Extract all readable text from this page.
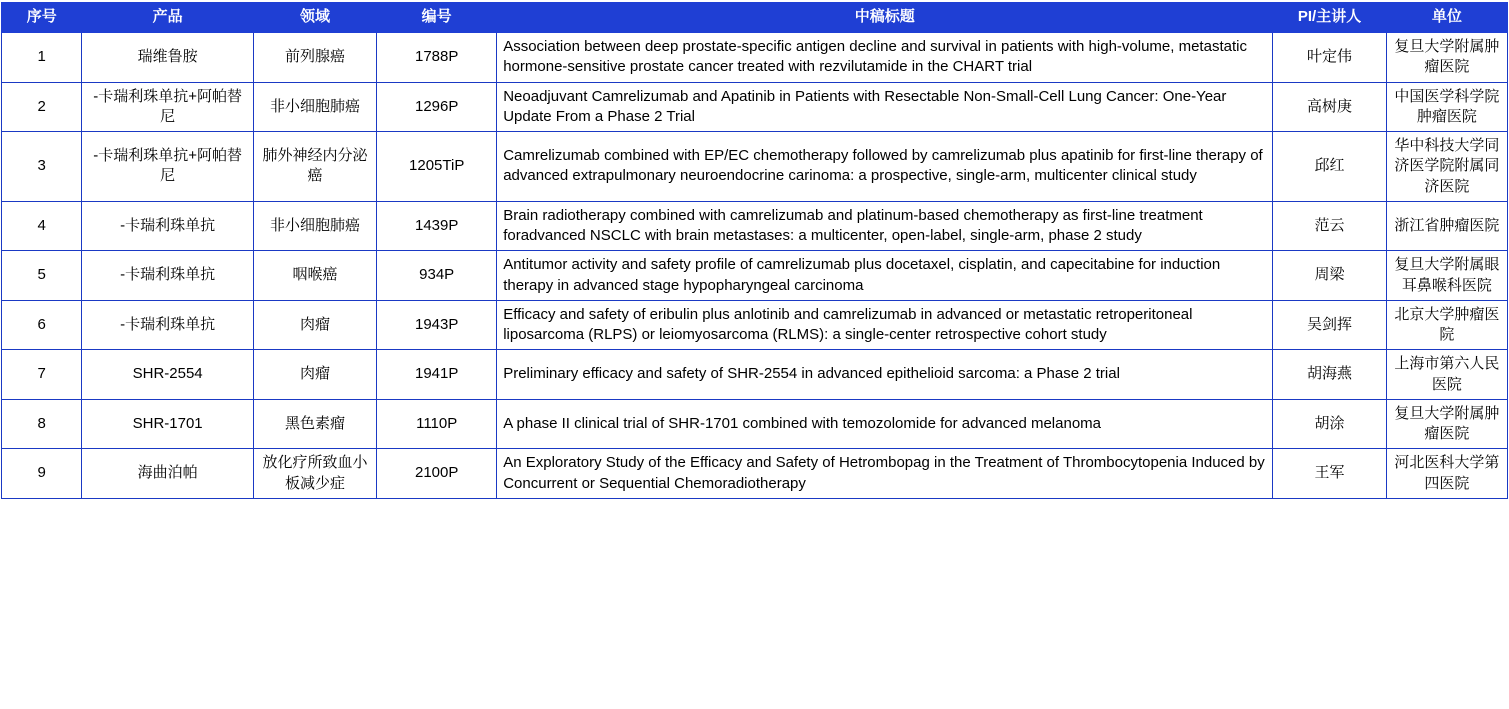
序号	产品	领域	编号	中稿标题	PI/主讲人	单位
1	瑞维鲁胺	前列腺癌	1788P	Association between deep prostate-specific antigen decline and survival in patients with high-volume, metastatic hormone-sensitive prostate cancer treated with rezvilutamide in the CHART trial	叶定伟	复旦大学附属肿瘤医院
2	-卡瑞利珠单抗+阿帕替尼	非小细胞肺癌	1296P	Neoadjuvant Camrelizumab and Apatinib in Patients with Resectable Non-Small-Cell Lung Cancer: One-Year Update From a Phase 2 Trial	高树庚	中国医学科学院肿瘤医院
3	-卡瑞利珠单抗+阿帕替尼	肺外神经内分泌癌	1205TiP	Camrelizumab combined with EP/EC chemotherapy followed by camrelizumab plus apatinib for first-line therapy of advanced extrapulmonary neuroendocrine carinoma: a prospective, single-arm, multicenter clinical study	邱红	华中科技大学同济医学院附属同济医院
4	-卡瑞利珠单抗	非小细胞肺癌	1439P	Brain radiotherapy combined with camrelizumab and platinum-based chemotherapy as first-line treatment foradvanced NSCLC with brain metastases: a multicenter, open-label, single-arm, phase 2 study	范云	浙江省肿瘤医院
5	-卡瑞利珠单抗	咽喉癌	934P	Antitumor activity and safety profile of camrelizumab plus docetaxel, cisplatin, and capecitabine for induction therapy in advanced stage hypopharyngeal carcinoma	周梁	复旦大学附属眼耳鼻喉科医院
6	-卡瑞利珠单抗	肉瘤	1943P	Efficacy and safety of eribulin plus anlotinib and camrelizumab in advanced or metastatic retroperitoneal liposarcoma (RLPS) or leiomyosarcoma (RLMS): a single-center retrospective cohort study	吴剑挥	北京大学肿瘤医院
7	SHR-2554	肉瘤	1941P	Preliminary efficacy and safety of SHR-2554 in advanced epithelioid sarcoma: a Phase 2 trial	胡海燕	上海市第六人民医院
8	SHR-1701	黑色素瘤	1110P	A phase II clinical trial of SHR-1701 combined with temozolomide for advanced melanoma	胡涂	复旦大学附属肿瘤医院
9	海曲泊帕	放化疗所致血小板减少症	2100P	An Exploratory Study of the Efficacy and Safety of Hetrombopag in the Treatment of Thrombocytopenia Induced by Concurrent or Sequential Chemoradiotherapy	王军	河北医科大学第四医院
